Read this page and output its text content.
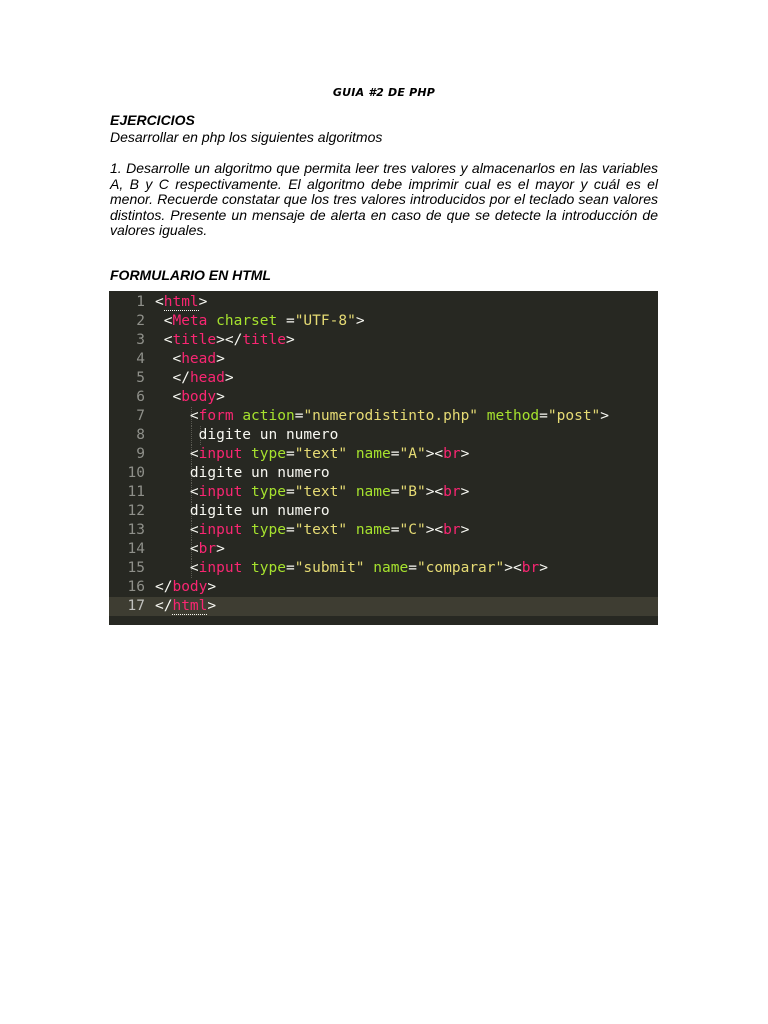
GUIA #2 DE PHP
EJERCICIOS
Desarrollar en php los siguientes algoritmos
1. Desarrolle un algoritmo que permita leer tres valores y almacenarlos en las variables A, B y C respectivamente. El algoritmo debe imprimir cual es el mayor y cuál es el menor. Recuerde constatar que los tres valores introducidos por el teclado sean valores distintos. Presente un mensaje de alerta en caso de que se detecte la introducción de valores iguales.
FORMULARIO EN HTML
1 <html>
2	<Meta charset ="UTF-8">
3	<title></title>
4	<head>
5	</head>
6	<body>
7	<form action="numerodistinto.php" method="post">
8	digite un numero
9	<input type="text" name="A"><br>
10	digite un numero
11	<input type="text" name="B"><br>
12	digite un numero
13	<input type="text" name="C"><br>
14	<br>
15	<input type="submit" name="comparar"><br>
16 </body>
17 </html>
